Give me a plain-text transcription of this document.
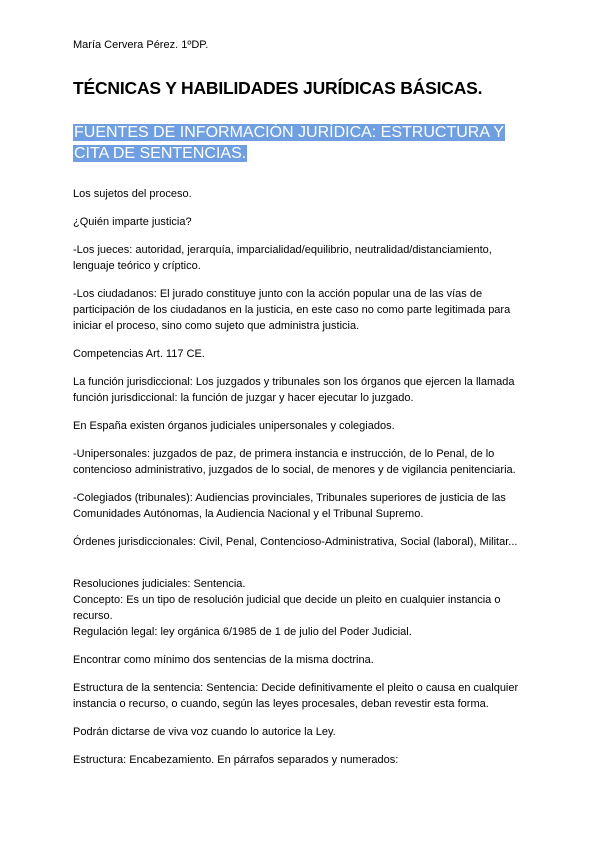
María Cervera Pérez. 1ºDP.
TÉCNICAS Y HABILIDADES JURÍDICAS BÁSICAS.
FUENTES DE INFORMACIÓN JURÍDICA: ESTRUCTURA Y CITA DE SENTENCIAS.

Los sujetos del proceso.

¿Quién imparte justicia?

-Los jueces: autoridad, jerarquía, imparcialidad/equilibrio, neutralidad/distanciamiento, lenguaje teórico y críptico.

-Los ciudadanos: El jurado constituye junto con la acción popular una de las vías de participación de los ciudadanos en la justicia, en este caso no como parte legitimada para iniciar el proceso, sino como sujeto que administra justicia.

Competencias Art. 117 CE.

La función jurisdiccional: Los juzgados y tribunales son los órganos que ejercen la llamada función jurisdiccional: la función de juzgar y hacer ejecutar lo juzgado.

En España existen órganos judiciales unipersonales y colegiados.

-Unipersonales: juzgados de paz, de primera instancia e instrucción, de lo Penal, de lo contencioso administrativo, juzgados de lo social, de menores y de vigilancia penitenciaria.

-Colegiados (tribunales): Audiencias provinciales, Tribunales superiores de justicia de las Comunidades Autónomas, la Audiencia Nacional y el Tribunal Supremo.

Órdenes jurisdiccionales: Civil, Penal, Contencioso-Administrativa, Social (laboral), Militar...

Resoluciones judiciales: Sentencia.

Concepto: Es un tipo de resolución judicial que decide un pleito en cualquier instancia o recurso.

Regulación legal: ley orgánica 6/1985 de 1 de julio del Poder Judicial.

Encontrar como mínimo dos sentencias de la misma doctrina.

Estructura de la sentencia: Sentencia: Decide definitivamente el pleito o causa en cualquier instancia o recurso, o cuando, según las leyes procesales, deban revestir esta forma.

Podrán dictarse de viva voz cuando lo autorice la Ley.

Estructura: Encabezamiento. En párrafos separados y numerados:
